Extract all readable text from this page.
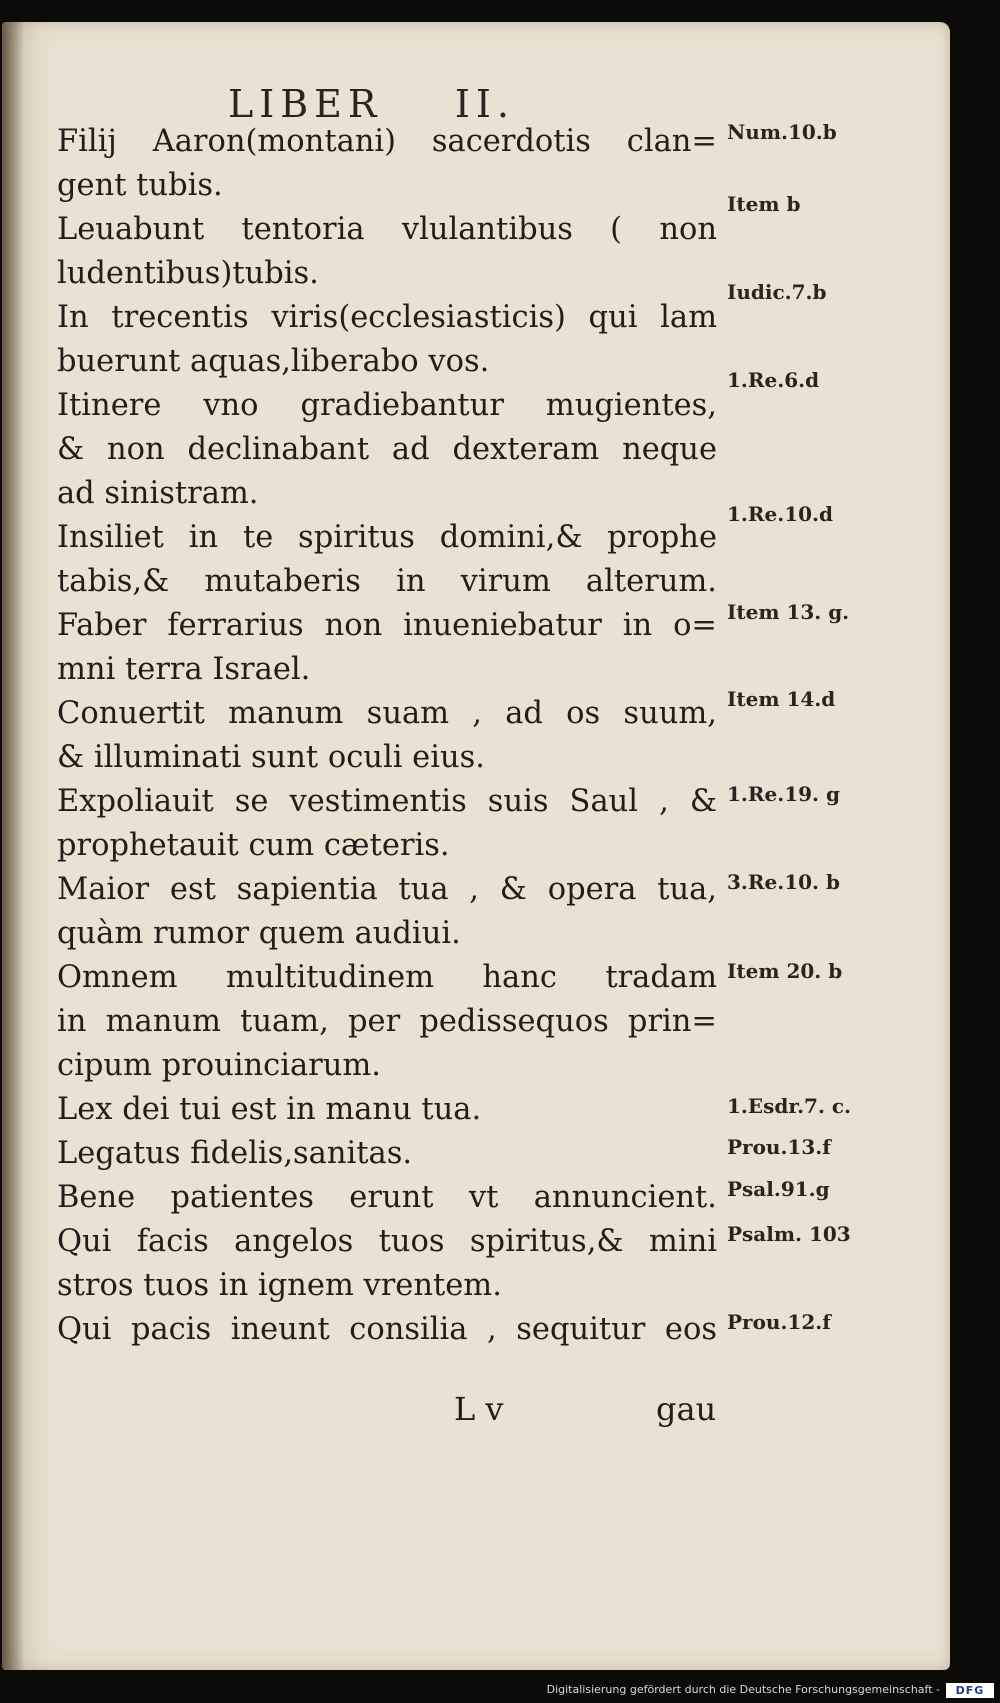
LIBER    II.
Filij Aaron(montani) sacerdotis clan=
gent tubis.
Leuabunt tentoria vlulantibus ( non
ludentibus)tubis.
In trecentis viris(ecclesiasticis) qui lam
buerunt aquas,liberabo vos.
Itinere vno gradiebantur mugientes,
& non declinabant ad dexteram neque
ad sinistram.
Insiliet in te spiritus domini,& prophe
tabis,& mutaberis in virum alterum.
Faber ferrarius non inueniebatur in o=
mni terra Israel.
Conuertit manum suam , ad os suum,
& illuminati sunt oculi eius.
Expoliauit se vestimentis suis Saul , &
prophetauit cum cæteris.
Maior est sapientia tua , & opera tua,
quàm rumor quem audiui.
Omnem multitudinem hanc tradam
in manum tuam, per pedissequos prin=
cipum prouinciarum.
Lex dei tui est in manu tua.
Legatus fidelis,sanitas.
Bene patientes erunt vt annuncient.
Qui facis angelos tuos spiritus,& mini
stros tuos in ignem vrentem.
Qui pacis ineunt consilia , sequitur eos
Num.10.b
Item b
Iudic.7.b
1.Re.6.d
1.Re.10.d
Item 13. g.
Item 14.d
1.Re.19. g
3.Re.10. b
Item 20. b
1.Esdr.7. c.
Prou.13.f
Psal.91.g
Psalm. 103
Prou.12.f
L v	gau
Digitalisierung gefördert durch die Deutsche Forschungsgemeinschaft -	DFG
